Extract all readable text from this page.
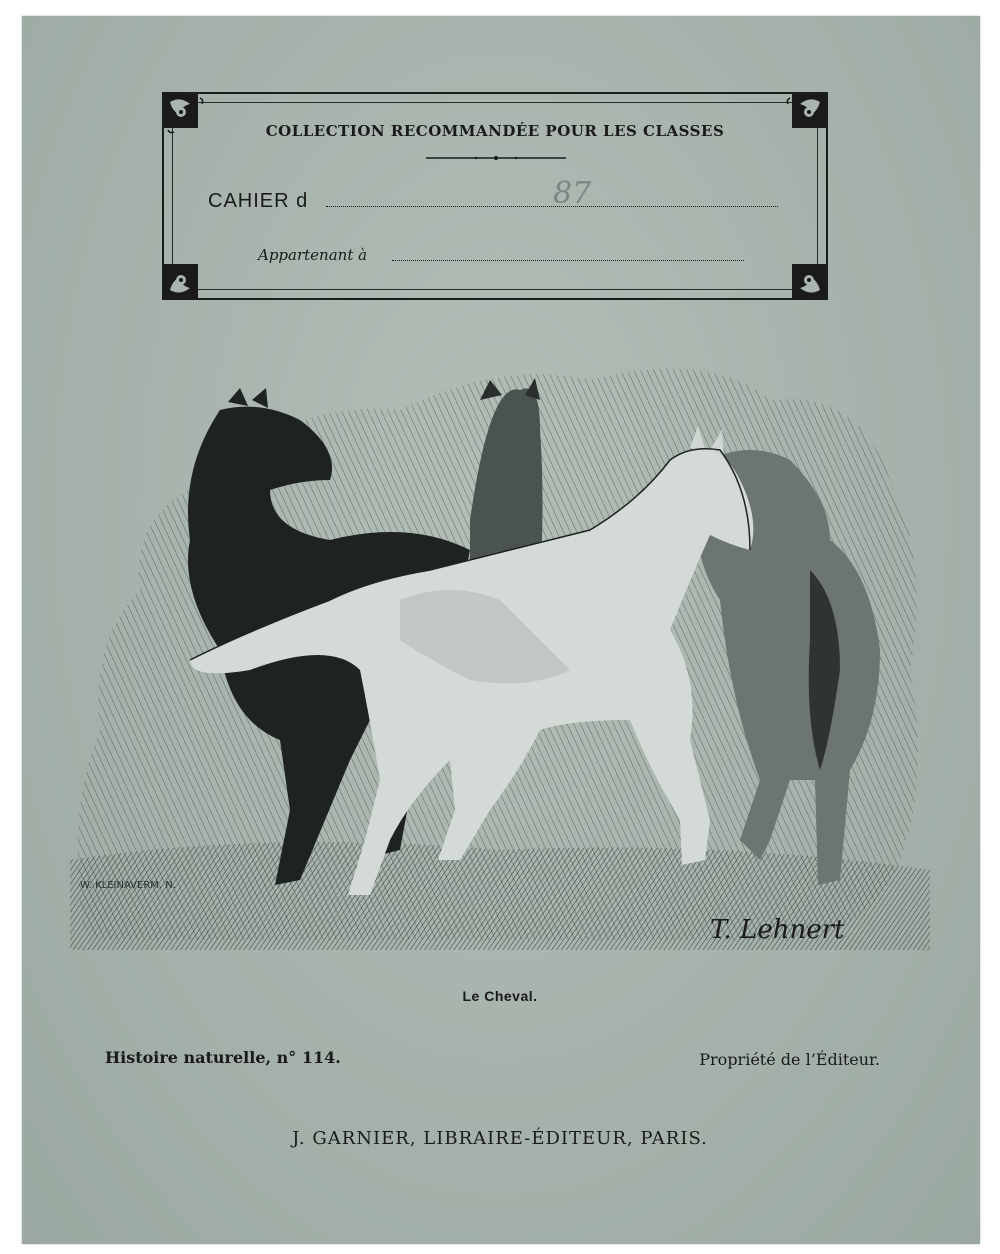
COLLECTION RECOMMANDÉE POUR LES CLASSES
CAHIER d	87
Appartenant à
W. KLEINAVERM. N.
T. Lehnert
Le Cheval.
Histoire naturelle, n° 114.	Propriété de l’Éditeur.
J. GARNIER, LIBRAIRE-ÉDITEUR, PARIS.
